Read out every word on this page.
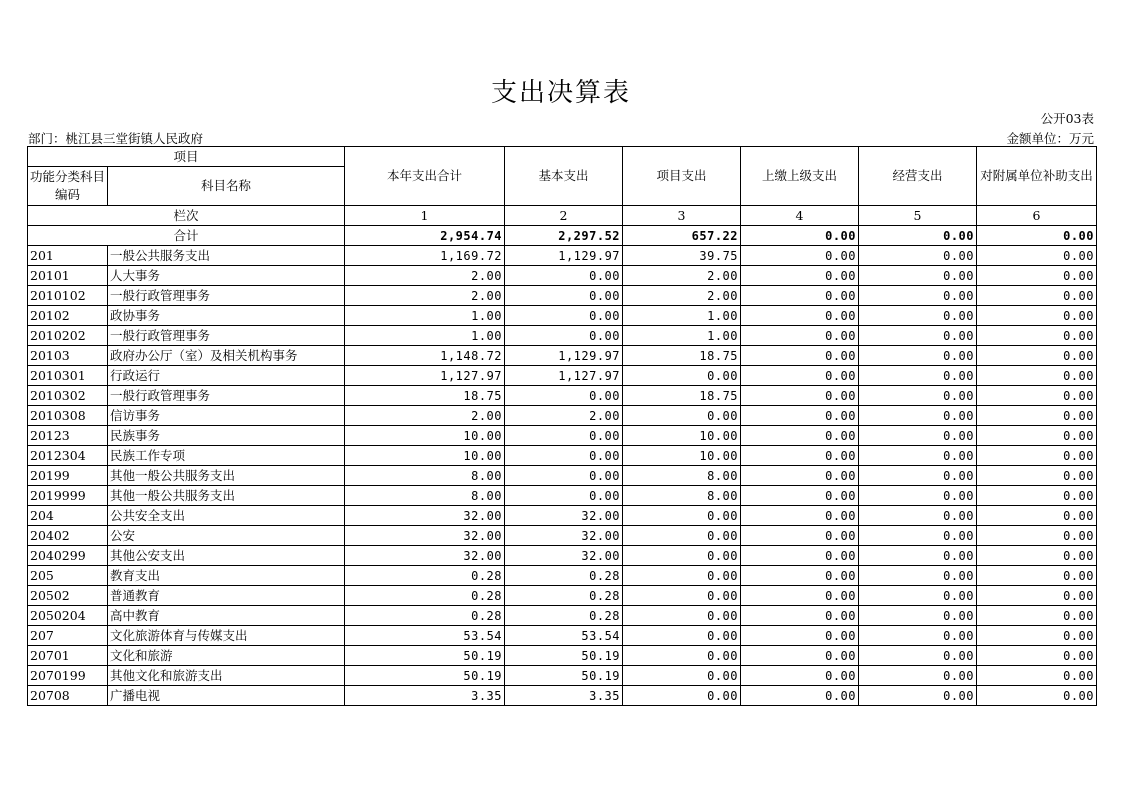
支出决算表
公开03表
部门：桃江县三堂街镇人民政府	金额单位：万元
项目		本年支出合计	基本支出	项目支出	上缴上级支出	经营支出	对附属单位补助支出
功能分类科目编码	科目名称						
栏次		1	2	3	4	5	6
合计		2,954.74	2,297.52	657.22	0.00	0.00	0.00
201	一般公共服务支出	1,169.72	1,129.97	39.75	0.00	0.00	0.00
20101	人大事务	2.00	0.00	2.00	0.00	0.00	0.00
2010102	一般行政管理事务	2.00	0.00	2.00	0.00	0.00	0.00
20102	政协事务	1.00	0.00	1.00	0.00	0.00	0.00
2010202	一般行政管理事务	1.00	0.00	1.00	0.00	0.00	0.00
20103	政府办公厅（室）及相关机构事务	1,148.72	1,129.97	18.75	0.00	0.00	0.00
2010301	行政运行	1,127.97	1,127.97	0.00	0.00	0.00	0.00
2010302	一般行政管理事务	18.75	0.00	18.75	0.00	0.00	0.00
2010308	信访事务	2.00	2.00	0.00	0.00	0.00	0.00
20123	民族事务	10.00	0.00	10.00	0.00	0.00	0.00
2012304	民族工作专项	10.00	0.00	10.00	0.00	0.00	0.00
20199	其他一般公共服务支出	8.00	0.00	8.00	0.00	0.00	0.00
2019999	其他一般公共服务支出	8.00	0.00	8.00	0.00	0.00	0.00
204	公共安全支出	32.00	32.00	0.00	0.00	0.00	0.00
20402	公安	32.00	32.00	0.00	0.00	0.00	0.00
2040299	其他公安支出	32.00	32.00	0.00	0.00	0.00	0.00
205	教育支出	0.28	0.28	0.00	0.00	0.00	0.00
20502	普通教育	0.28	0.28	0.00	0.00	0.00	0.00
2050204	高中教育	0.28	0.28	0.00	0.00	0.00	0.00
207	文化旅游体育与传媒支出	53.54	53.54	0.00	0.00	0.00	0.00
20701	文化和旅游	50.19	50.19	0.00	0.00	0.00	0.00
2070199	其他文化和旅游支出	50.19	50.19	0.00	0.00	0.00	0.00
20708	广播电视	3.35	3.35	0.00	0.00	0.00	0.00
